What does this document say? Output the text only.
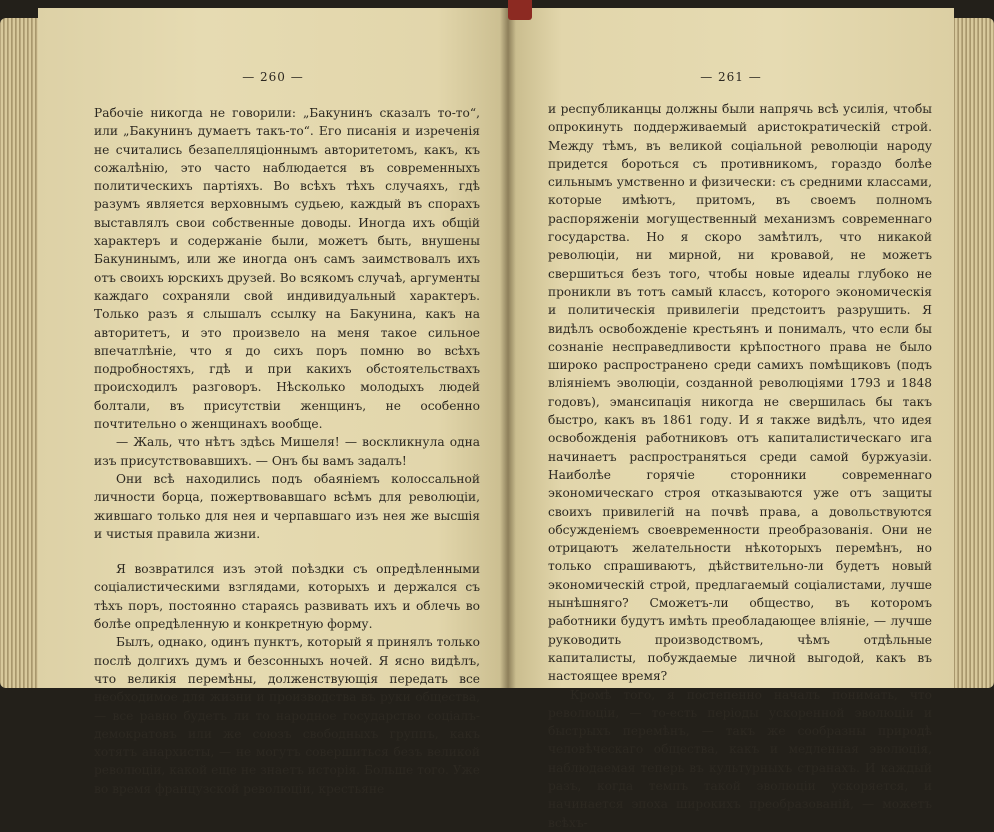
— 260 —

Рабочіе никогда не говорили: „Бакунинъ сказалъ то-то“, или „Бакунинъ думаетъ такъ-то“. Его писанія и изреченія не считались безапелляціоннымъ авторитетомъ, какъ, къ сожалѣнію, это часто наблюдается въ современныхъ политическихъ партіяхъ. Во всѣхъ тѣхъ случаяхъ, гдѣ разумъ является верховнымъ судьею, каждый въ спорахъ выставлялъ свои собственные доводы. Иногда ихъ общій характеръ и содержаніе были, можетъ быть, внушены Бакунинымъ, или же иногда онъ самъ заимствовалъ ихъ отъ своихъ юрскихъ друзей. Во всякомъ случаѣ, аргументы каждаго сохраняли свой индивидуальный характеръ. Только разъ я слышалъ ссылку на Бакунина, какъ на авторитетъ, и это произвело на меня такое сильное впечатлѣніе, что я до сихъ поръ помню во всѣхъ подробностяхъ, гдѣ и при какихъ обстоятельствахъ происходилъ разговоръ. Нѣсколько молодыхъ людей болтали, въ присутствіи женщинъ, не особенно почтительно о женщинахъ вообще.

— Жаль, что нѣтъ здѣсь Мишеля! — воскликнула одна изъ присутствовавшихъ. — Онъ бы вамъ задалъ!

Они всѣ находились подъ обаяніемъ колоссальной личности борца, пожертвовавшаго всѣмъ для революціи, жившаго только для нея и черпавшаго изъ нея же высшія и чистыя правила жизни.

Я возвратился изъ этой поѣздки съ опредѣленными соціалистическими взглядами, которыхъ и держался съ тѣхъ поръ, постоянно стараясь развивать ихъ и облечь во болѣе опредѣленную и конкретную форму.

Былъ, однако, одинъ пунктъ, который я принялъ только послѣ долгихъ думъ и безсонныхъ ночей. Я ясно видѣлъ, что великія перемѣны, долженствующія передать все необходимое для жизни и производства въ руки общества, — все равно будетъ ли то народное государство соціалъ-демократовъ или же союзъ свободныхъ группъ, какъ хотятъ анархисты, — не могутъ совершиться безъ великой революціи, какой еще не знаетъ исторія. Больше того. Уже во время французской революціи, крестьяне

— 261 —

и республиканцы должны были напрячь всѣ усилія, чтобы опрокинуть поддерживаемый аристократическій строй. Между тѣмъ, въ великой соціальной революціи народу придется бороться съ противникомъ, гораздо болѣе сильнымъ умственно и физически: съ средними классами, которые имѣютъ, притомъ, въ своемъ полномъ распоряженіи могущественный механизмъ современнаго государства. Но я скоро замѣтилъ, что никакой революціи, ни мирной, ни кровавой, не можетъ свершиться безъ того, чтобы новые идеалы глубоко не проникли въ тотъ самый классъ, которого экономическія и политическія привилегіи предстоитъ разрушить. Я видѣлъ освобожденіе крестьянъ и понималъ, что если бы сознаніе несправедливости крѣпостного права не было широко распространено среди самихъ помѣщиковъ (подъ вліяніемъ эволюціи, созданной революціями 1793 и 1848 годовъ), эмансипація никогда не свершилась бы такъ быстро, какъ въ 1861 году. И я также видѣлъ, что идея освобожденія работниковъ отъ капиталистическаго ига начинаетъ распространяться среди самой буржуазіи. Наиболѣе горячіе сторонники современнаго экономическаго строя отказываются уже отъ защиты своихъ привилегій на почвѣ права, а довольствуются обсужденіемъ своевременности преобразованія. Они не отрицаютъ желательности нѣкоторыхъ перемѣнъ, но только спрашиваютъ, дѣйствительно-ли будетъ новый экономическій строй, предлагаемый соціалистами, лучше нынѣшняго? Сможетъ-ли общество, въ которомъ работники будутъ имѣть преобладающее вліяніе, — лучше руководить производствомъ, чѣмъ отдѣльные капиталисты, побуждаемые личной выгодой, какъ въ настоящее время?

Кромѣ того, я постепенно началъ понимать, что революціи, — то-есть періоды ускоренной эволюціи и быстрыхъ перемѣнъ, — такъ же сообразны природѣ человѣческаго общества, какъ и медленная эволюція, наблюдаемая теперь въ культурныхъ странахъ. И каждый разъ, когда темпъ такой эволюціи ускоряется, и начинается эпоха широкихъ преобразованій, — можетъ всѣхъ-
